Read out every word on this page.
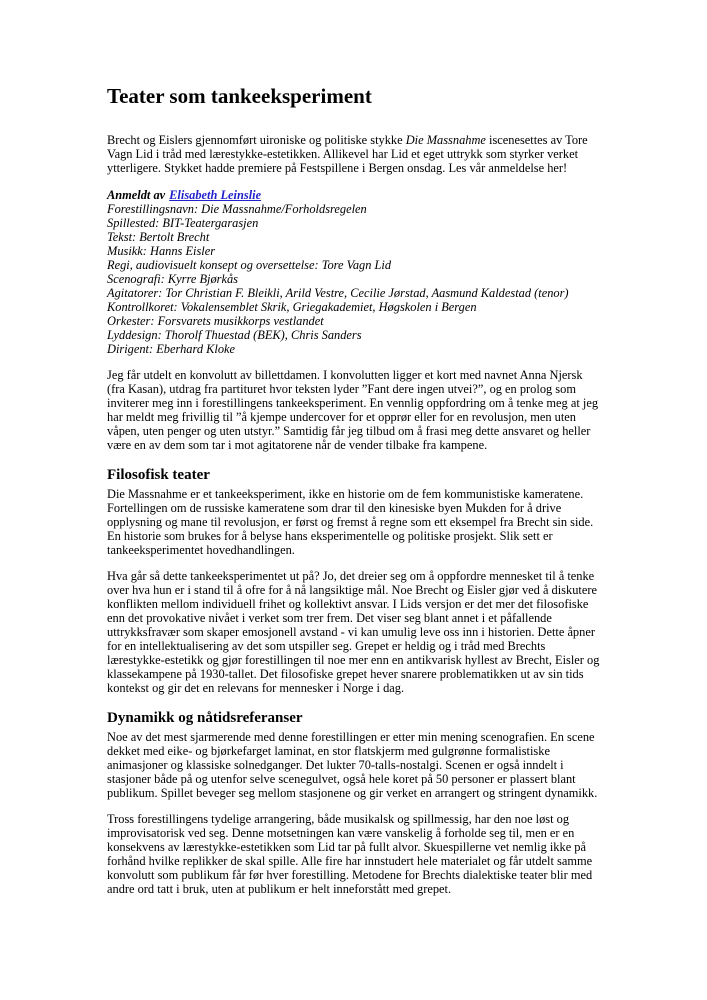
Teater som tankeeksperiment

Brecht og Eislers gjennomført uironiske og politiske stykke Die Massnahme iscenesettes av Tore Vagn Lid i tråd med lærestykke-estetikken. Allikevel har Lid et eget uttrykk som styrker verket ytterligere. Stykket hadde premiere på Festspillene i Bergen onsdag. Les vår anmeldelse her!

Anmeldt av Elisabeth Leinslie
Forestillingsnavn: Die Massnahme/Forholdsregelen
Spillested: BIT-Teatergarasjen
Tekst: Bertolt Brecht
Musikk: Hanns Eisler
Regi, audiovisuelt konsept og oversettelse: Tore Vagn Lid
Scenografi: Kyrre Bjørkås
Agitatorer: Tor Christian F. Bleikli, Arild Vestre, Cecilie Jørstad, Aasmund Kaldestad (tenor)
Kontrollkoret: Vokalensemblet Skrik, Griegakademiet, Høgskolen i Bergen
Orkester: Forsvarets musikkorps vestlandet
Lyddesign: Thorolf Thuestad (BEK), Chris Sanders
Dirigent: Eberhard Kloke

Jeg får utdelt en konvolutt av billettdamen. I konvolutten ligger et kort med navnet Anna Njersk (fra Kasan), utdrag fra partituret hvor teksten lyder ”Fant dere ingen utvei?”, og en prolog som inviterer meg inn i forestillingens tankeeksperiment. En vennlig oppfordring om å tenke meg at jeg har meldt meg frivillig til ”å kjempe undercover for et opprør eller for en revolusjon, men uten våpen, uten penger og uten utstyr.” Samtidig får jeg tilbud om å frasi meg dette ansvaret og heller være en av dem som tar i mot agitatorene når de vender tilbake fra kampene.

Filosofisk teater

Die Massnahme er et tankeeksperiment, ikke en historie om de fem kommunistiske kameratene. Fortellingen om de russiske kameratene som drar til den kinesiske byen Mukden for å drive opplysning og mane til revolusjon, er først og fremst å regne som ett eksempel fra Brecht sin side. En historie som brukes for å belyse hans eksperimentelle og politiske prosjekt. Slik sett er tankeeksperimentet hovedhandlingen.

Hva går så dette tankeeksperimentet ut på? Jo, det dreier seg om å oppfordre mennesket til å tenke over hva hun er i stand til å ofre for å nå langsiktige mål. Noe Brecht og Eisler gjør ved å diskutere konflikten mellom individuell frihet og kollektivt ansvar. I Lids versjon er det mer det filosofiske enn det provokative nivået i verket som trer frem. Det viser seg blant annet i et påfallende uttrykksfravær som skaper emosjonell avstand - vi kan umulig leve oss inn i historien. Dette åpner for en intellektualisering av det som utspiller seg. Grepet er heldig og i tråd med Brechts lærestykke-estetikk og gjør forestillingen til noe mer enn en antikvarisk hyllest av Brecht, Eisler og klassekampene på 1930-tallet. Det filosofiske grepet hever snarere problematikken ut av sin tids kontekst og gir det en relevans for mennesker i Norge i dag.

Dynamikk og nåtidsreferanser

Noe av det mest sjarmerende med denne forestillingen er etter min mening scenografien. En scene dekket med eike- og bjørkefarget laminat, en stor flatskjerm med gulgrønne formalistiske animasjoner og klassiske solnedganger. Det lukter 70-talls-nostalgi. Scenen er også inndelt i stasjoner både på og utenfor selve scenegulvet, også hele koret på 50 personer er plassert blant publikum. Spillet beveger seg mellom stasjonene og gir verket en arrangert og stringent dynamikk.

Tross forestillingens tydelige arrangering, både musikalsk og spillmessig, har den noe løst og improvisatorisk ved seg. Denne motsetningen kan være vanskelig å forholde seg til, men er en konsekvens av lærestykke-estetikken som Lid tar på fullt alvor. Skuespillerne vet nemlig ikke på forhånd hvilke replikker de skal spille. Alle fire har innstudert hele materialet og får utdelt samme konvolutt som publikum får før hver forestilling. Metodene for Brechts dialektiske teater blir med andre ord tatt i bruk, uten at publikum er helt inneforstått med grepet.
